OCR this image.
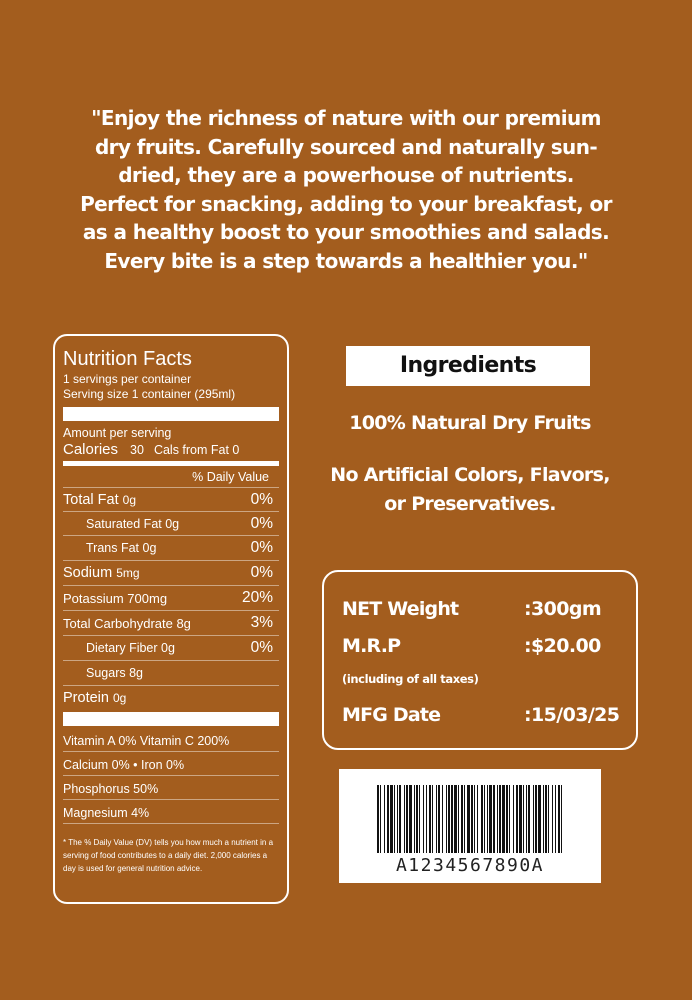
"Enjoy the richness of nature with our premium dry fruits. Carefully sourced and naturally sun-dried, they are a powerhouse of nutrients. Perfect for snacking, adding to your breakfast, or as a healthy boost to your smoothies and salads. Every bite is a step towards a healthier you."
Nutrition Facts
1 servings per container
Serving size 1 container (295ml)
Amount per serving
Calories 30 Cals from Fat 0
% Daily Value
Total Fat 0g	0%
Saturated Fat 0g	0%
Trans Fat 0g	0%
Sodium 5mg	0%
Potassium 700mg	20%
Total Carbohydrate 8g	3%
Dietary Fiber 0g	0%
Sugars 8g
Protein 0g
Vitamin A 0% Vitamin C 200%
Calcium 0% • Iron 0%
Phosphorus 50%
Magnesium 4%
* The % Daily Value (DV) tells you how much a nutrient in a serving of food contributes to a daily diet. 2,000 calories a day is used for general nutrition advice.
Ingredients
100% Natural Dry Fruits
No Artificial Colors, Flavors,
or Preservatives.
NET Weight	:300gm
M.R.P	:$20.00
(including of all taxes)
MFG Date	:15/03/25
A1234567890A
